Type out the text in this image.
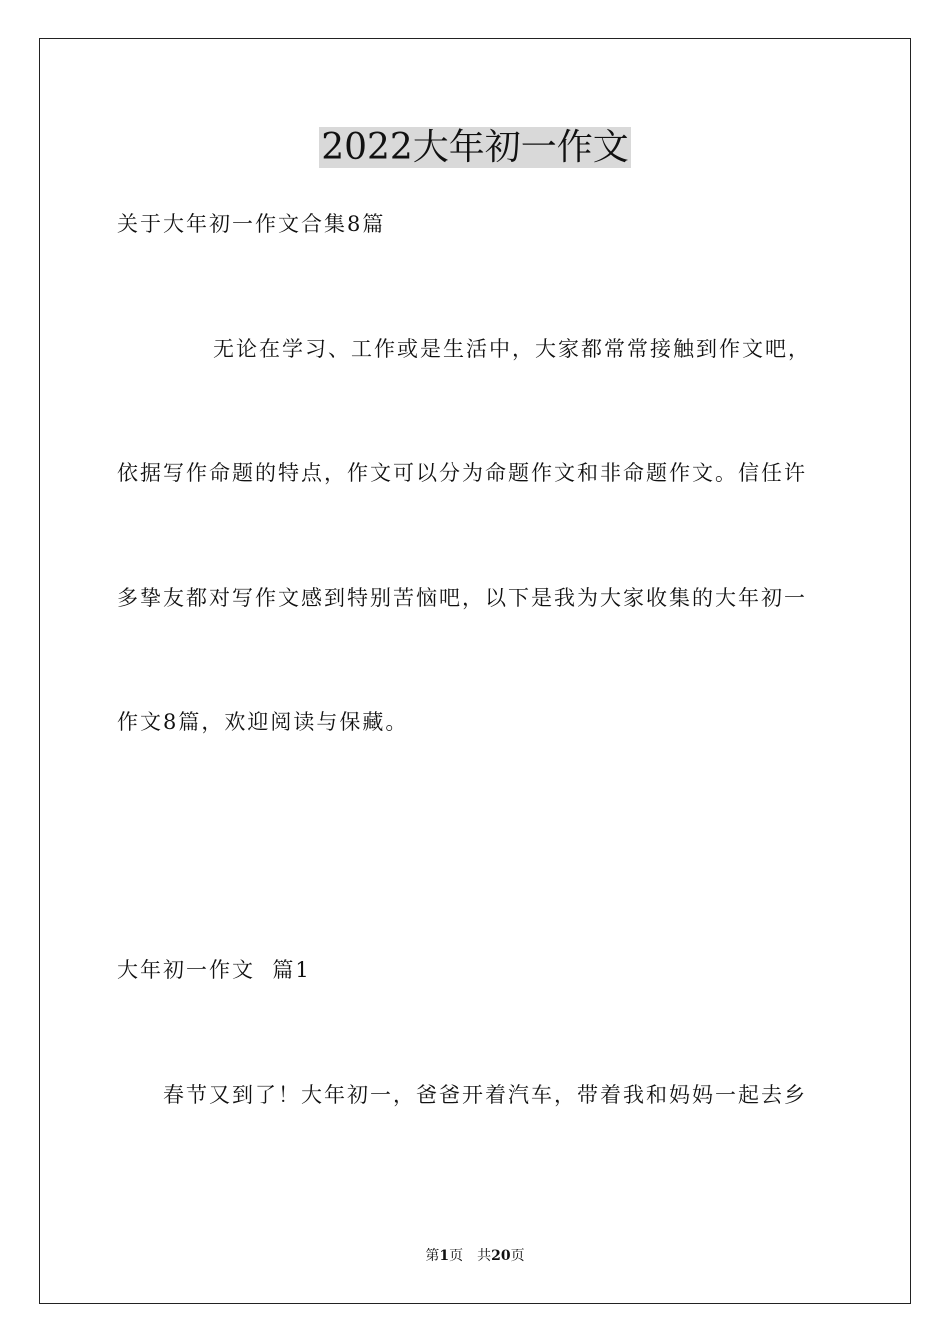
2022大年初一作文

关于大年初一作文合集8篇

无论在学习、工作或是生活中，大家都常常接触到作文吧，

依据写作命题的特点，作文可以分为命题作文和非命题作文。信任许

多挚友都对写作文感到特别苦恼吧，以下是我为大家收集的大年初一

作文8篇，欢迎阅读与保藏。

大年初一作文  篇1

春节又到了！大年初一，爸爸开着汽车，带着我和妈妈一起去乡

第1页 共20页
